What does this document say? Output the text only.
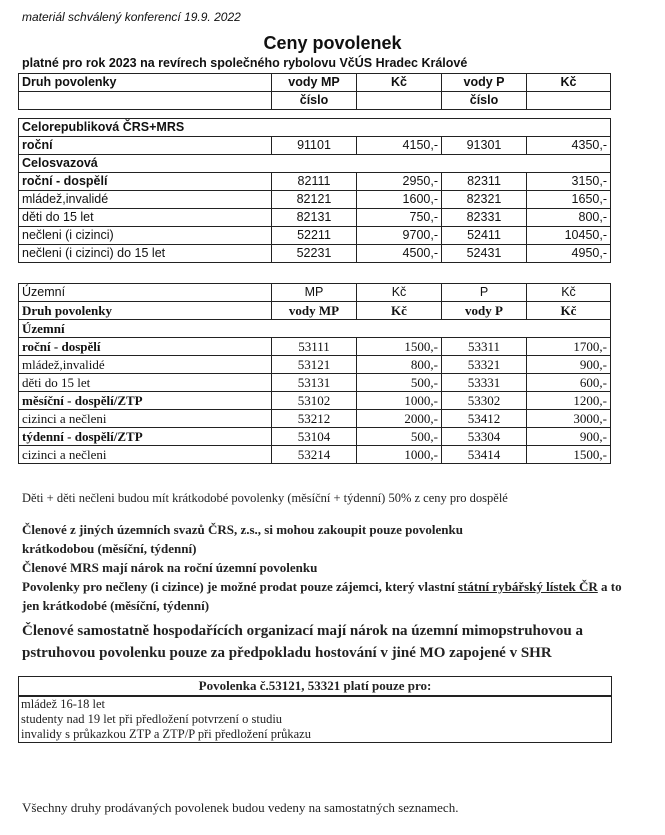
materiál schválený konferencí 19.9. 2022
Ceny povolenek
platné pro rok 2023 na revírech společného rybolovu VčÚS Hradec Králové
Druh povolenky	vody MP	Kč	vody P	Kč
	číslo		číslo	

Celorepubliková ČRS+MRS				
roční	91101	4150,-	91301	4350,-
Celosvazová				
roční - dospělí	82111	2950,-	82311	3150,-
mládež,invalidé	82121	1600,-	82321	1650,-
děti do 15 let	82131	750,-	82331	800,-
nečleni (i cizinci)	52211	9700,-	52411	10450,-
nečleni (i cizinci) do 15 let	52231	4500,-	52431	4950,-
Územní	MP	Kč	P	Kč
Druh povolenky	vody MP	Kč	vody P	Kč
Územní				
roční - dospělí	53111	1500,-	53311	1700,-
mládež,invalidé	53121	800,-	53321	900,-
děti do 15 let	53131	500,-	53331	600,-
měsíční - dospělí/ZTP	53102	1000,-	53302	1200,-
cizinci a nečleni	53212	2000,-	53412	3000,-
týdenní - dospělí/ZTP	53104	500,-	53304	900,-
cizinci a nečleni	53214	1000,-	53414	1500,-
Děti + děti nečleni budou mít krátkodobé povolenky (měsíční + týdenní) 50% z ceny pro dospělé
Členové z jiných územních svazů ČRS, z.s., si mohou zakoupit pouze povolenku
krátkodobou (měsíční, týdenní)
Členové MRS mají nárok na roční územní povolenku
Povolenky pro nečleny (i cizince) je možné prodat pouze zájemci, který vlastní státní rybářský lístek ČR a to jen krátkodobé (měsíční, týdenní)
Členové samostatně hospodařících organizací mají nárok na územní mimopstruhovou a
pstruhovou povolenku pouze za předpokladu hostování v jiné MO zapojené v SHR
Povolenka č.53121, 53321 platí pouze pro:
mládež 16-18 let
studenty nad 19 let při předložení potvrzení o studiu
invalidy s průkazkou ZTP a ZTP/P při předložení průkazu
Všechny druhy prodávaných povolenek budou vedeny na samostatných seznamech.
